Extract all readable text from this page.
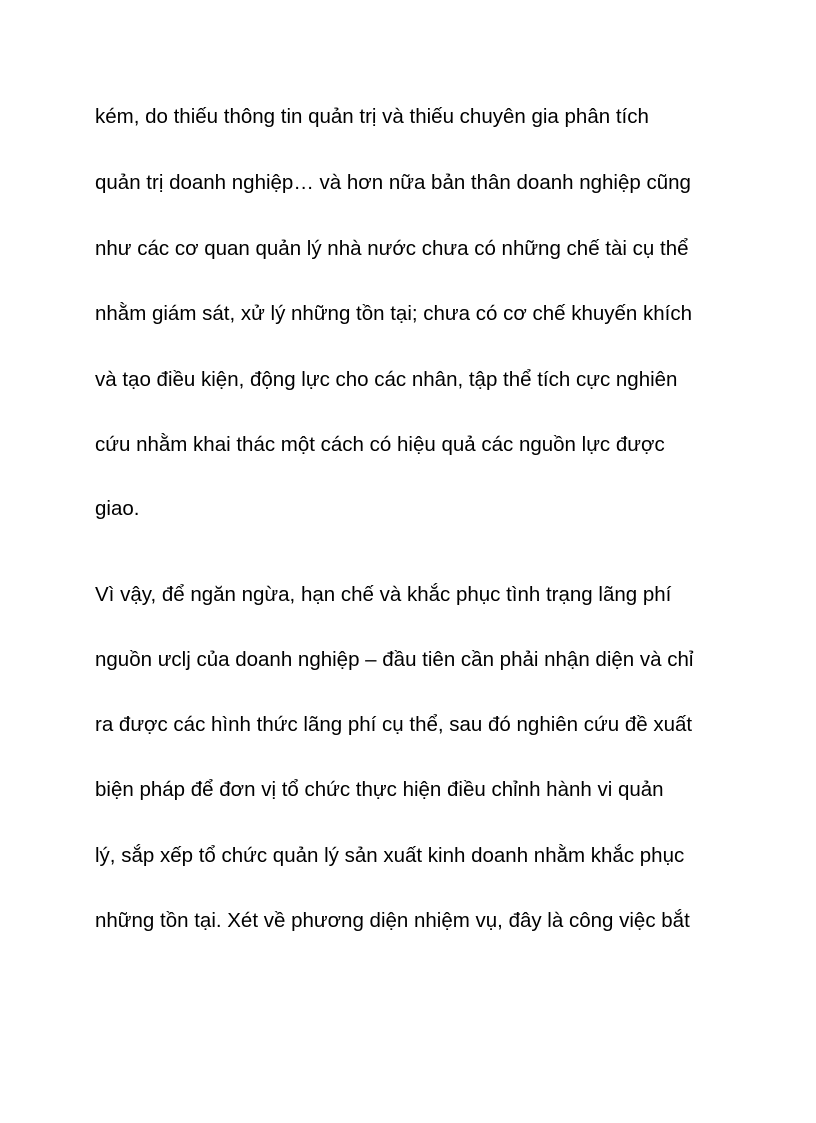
kém, do thiếu thông tin quản trị và thiếu chuyên gia phân tích

quản trị doanh nghiệp… và hơn nữa bản thân doanh nghiệp cũng

như các cơ quan quản lý nhà nước chưa có những chế tài cụ thể

nhằm giám sát, xử lý những tồn tại; chưa có cơ chế khuyến khích

và tạo điều kiện, động lực cho các nhân, tập thể tích cực nghiên

cứu nhằm khai thác một cách có hiệu quả các nguồn lực được

giao.

Vì vậy, để ngăn ngừa, hạn chế và khắc phục tình trạng lãng phí

nguồn ưclj của doanh nghiệp – đầu tiên cần phải nhận diện và chỉ

ra được các hình thức lãng phí cụ thể, sau đó nghiên cứu đề xuất

biện pháp để đơn vị tổ chức thực hiện điều chỉnh hành vi quản

lý, sắp xếp tổ chức quản lý sản xuất kinh doanh nhằm khắc phục

những tồn tại. Xét về phương diện nhiệm vụ, đây là công việc bắt
